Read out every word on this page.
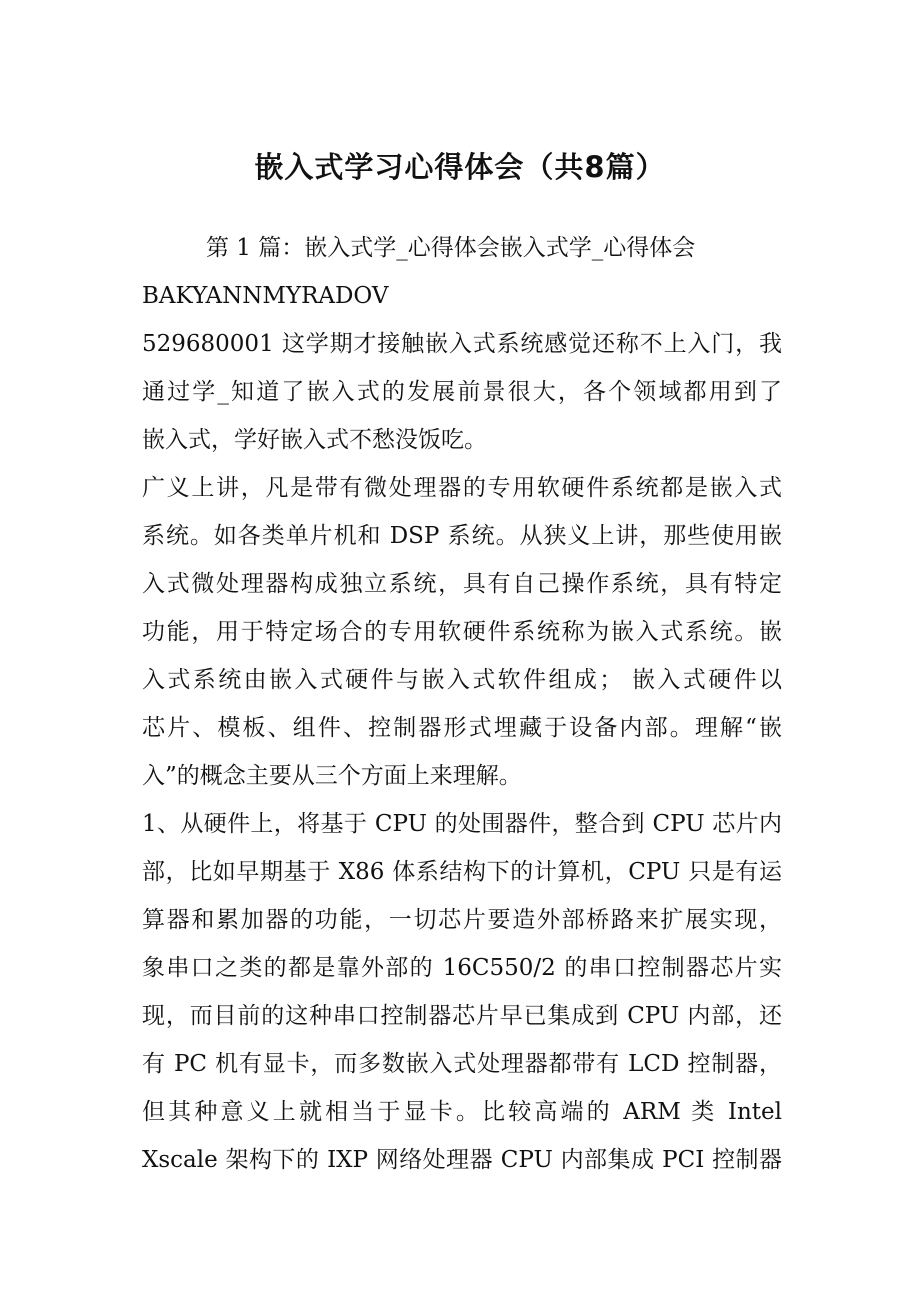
嵌入式学习心得体会（共8篇）
第 1 篇：嵌入式学_心得体会嵌入式学_心得体会
BAKYANNMYRADOV
529680001 这学期才接触嵌入式系统感觉还称不上入门，我
通过学_知道了嵌入式的发展前景很大，各个领域都用到了
嵌入式，学好嵌入式不愁没饭吃。
广义上讲，凡是带有微处理器的专用软硬件系统都是嵌入式
系统。如各类单片机和 DSP 系统。从狭义上讲，那些使用嵌
入式微处理器构成独立系统，具有自己操作系统，具有特定
功能，用于特定场合的专用软硬件系统称为嵌入式系统。嵌
入式系统由嵌入式硬件与嵌入式软件组成； 嵌入式硬件以
芯片、模板、组件、控制器形式埋藏于设备内部。理解“嵌
入”的概念主要从三个方面上来理解。
1、从硬件上，将基于 CPU 的处围器件，整合到 CPU 芯片内
部，比如早期基于 X86 体系结构下的计算机，CPU 只是有运
算器和累加器的功能，一切芯片要造外部桥路来扩展实现，
象串口之类的都是靠外部的 16C550/2 的串口控制器芯片实
现，而目前的这种串口控制器芯片早已集成到 CPU 内部，还
有 PC 机有显卡，而多数嵌入式处理器都带有 LCD 控制器，
但其种意义上就相当于显卡。比较高端的 ARM 类 Intel
Xscale 架构下的 IXP 网络处理器 CPU 内部集成 PCI 控制器
